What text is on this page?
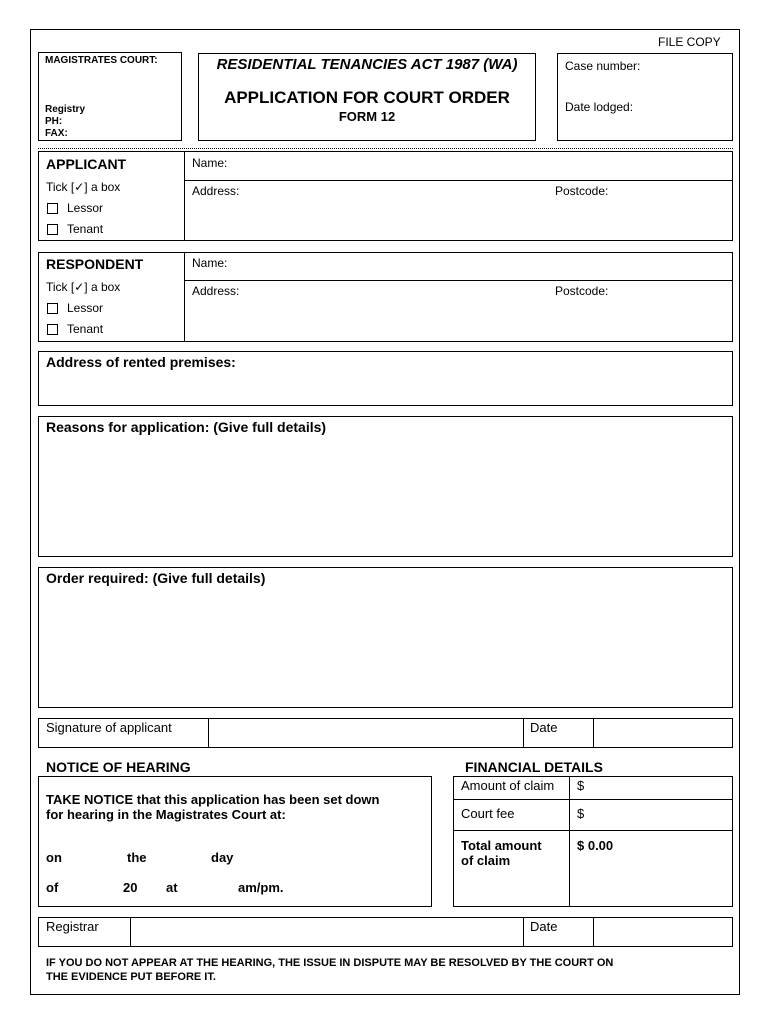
FILE COPY
MAGISTRATES COURT:
Registry
PH:
FAX:
RESIDENTIAL TENANCIES ACT 1987 (WA)
APPLICATION FOR COURT ORDER
FORM 12
Case number:
Date lodged:
APPLICANT
Tick [✓] a box
Lessor
Tenant
Name:
Address:	Postcode:
RESPONDENT
Tick [✓] a box
Lessor
Tenant
Name:
Address:	Postcode:
Address of rented premises:
Reasons for application: (Give full details)
Order required: (Give full details)
Signature of applicant	Date
NOTICE OF HEARING
TAKE NOTICE that this application has been set down
for hearing in the Magistrates Court at:
on	the	day
of	20 at	am/pm.
FINANCIAL DETAILS
Amount of claim $
Court fee	$
Total amount
of claim
$ 0.00
Registrar	Date
IF YOU DO NOT APPEAR AT THE HEARING, THE ISSUE IN DISPUTE MAY BE RESOLVED BY THE COURT ON
THE EVIDENCE PUT BEFORE IT.
